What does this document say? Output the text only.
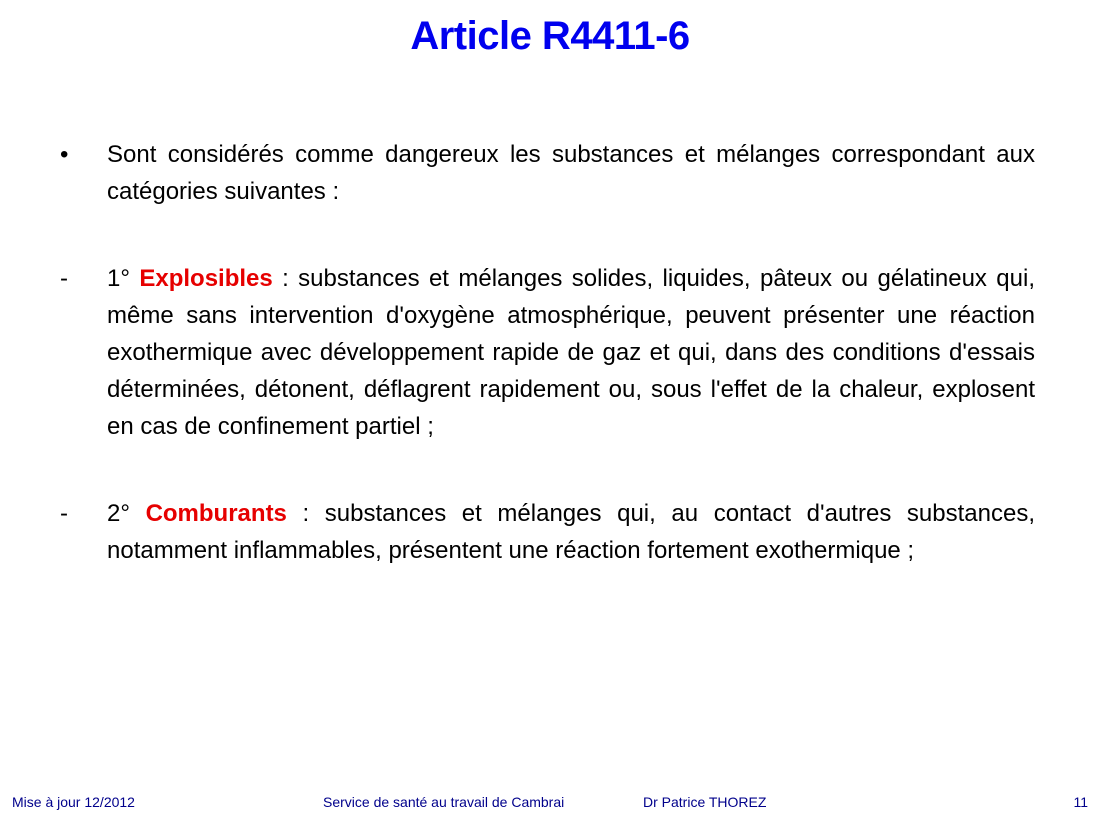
Article R4411-6
•	Sont considérés comme dangereux les substances et mélanges correspondant aux catégories suivantes :
-	1° Explosibles : substances et mélanges solides, liquides, pâteux ou gélatineux qui, même sans intervention d'oxygène atmosphérique, peuvent présenter une réaction exothermique avec développement rapide de gaz et qui, dans des conditions d'essais déterminées, détonent, déflagrent rapidement ou, sous l'effet de la chaleur, explosent en cas de confinement partiel ;
-	2° Comburants : substances et mélanges qui, au contact d'autres substances, notamment inflammables, présentent une réaction fortement exothermique ;
Mise à jour 12/2012	Service de santé au travail de Cambrai	Dr Patrice THOREZ	11
